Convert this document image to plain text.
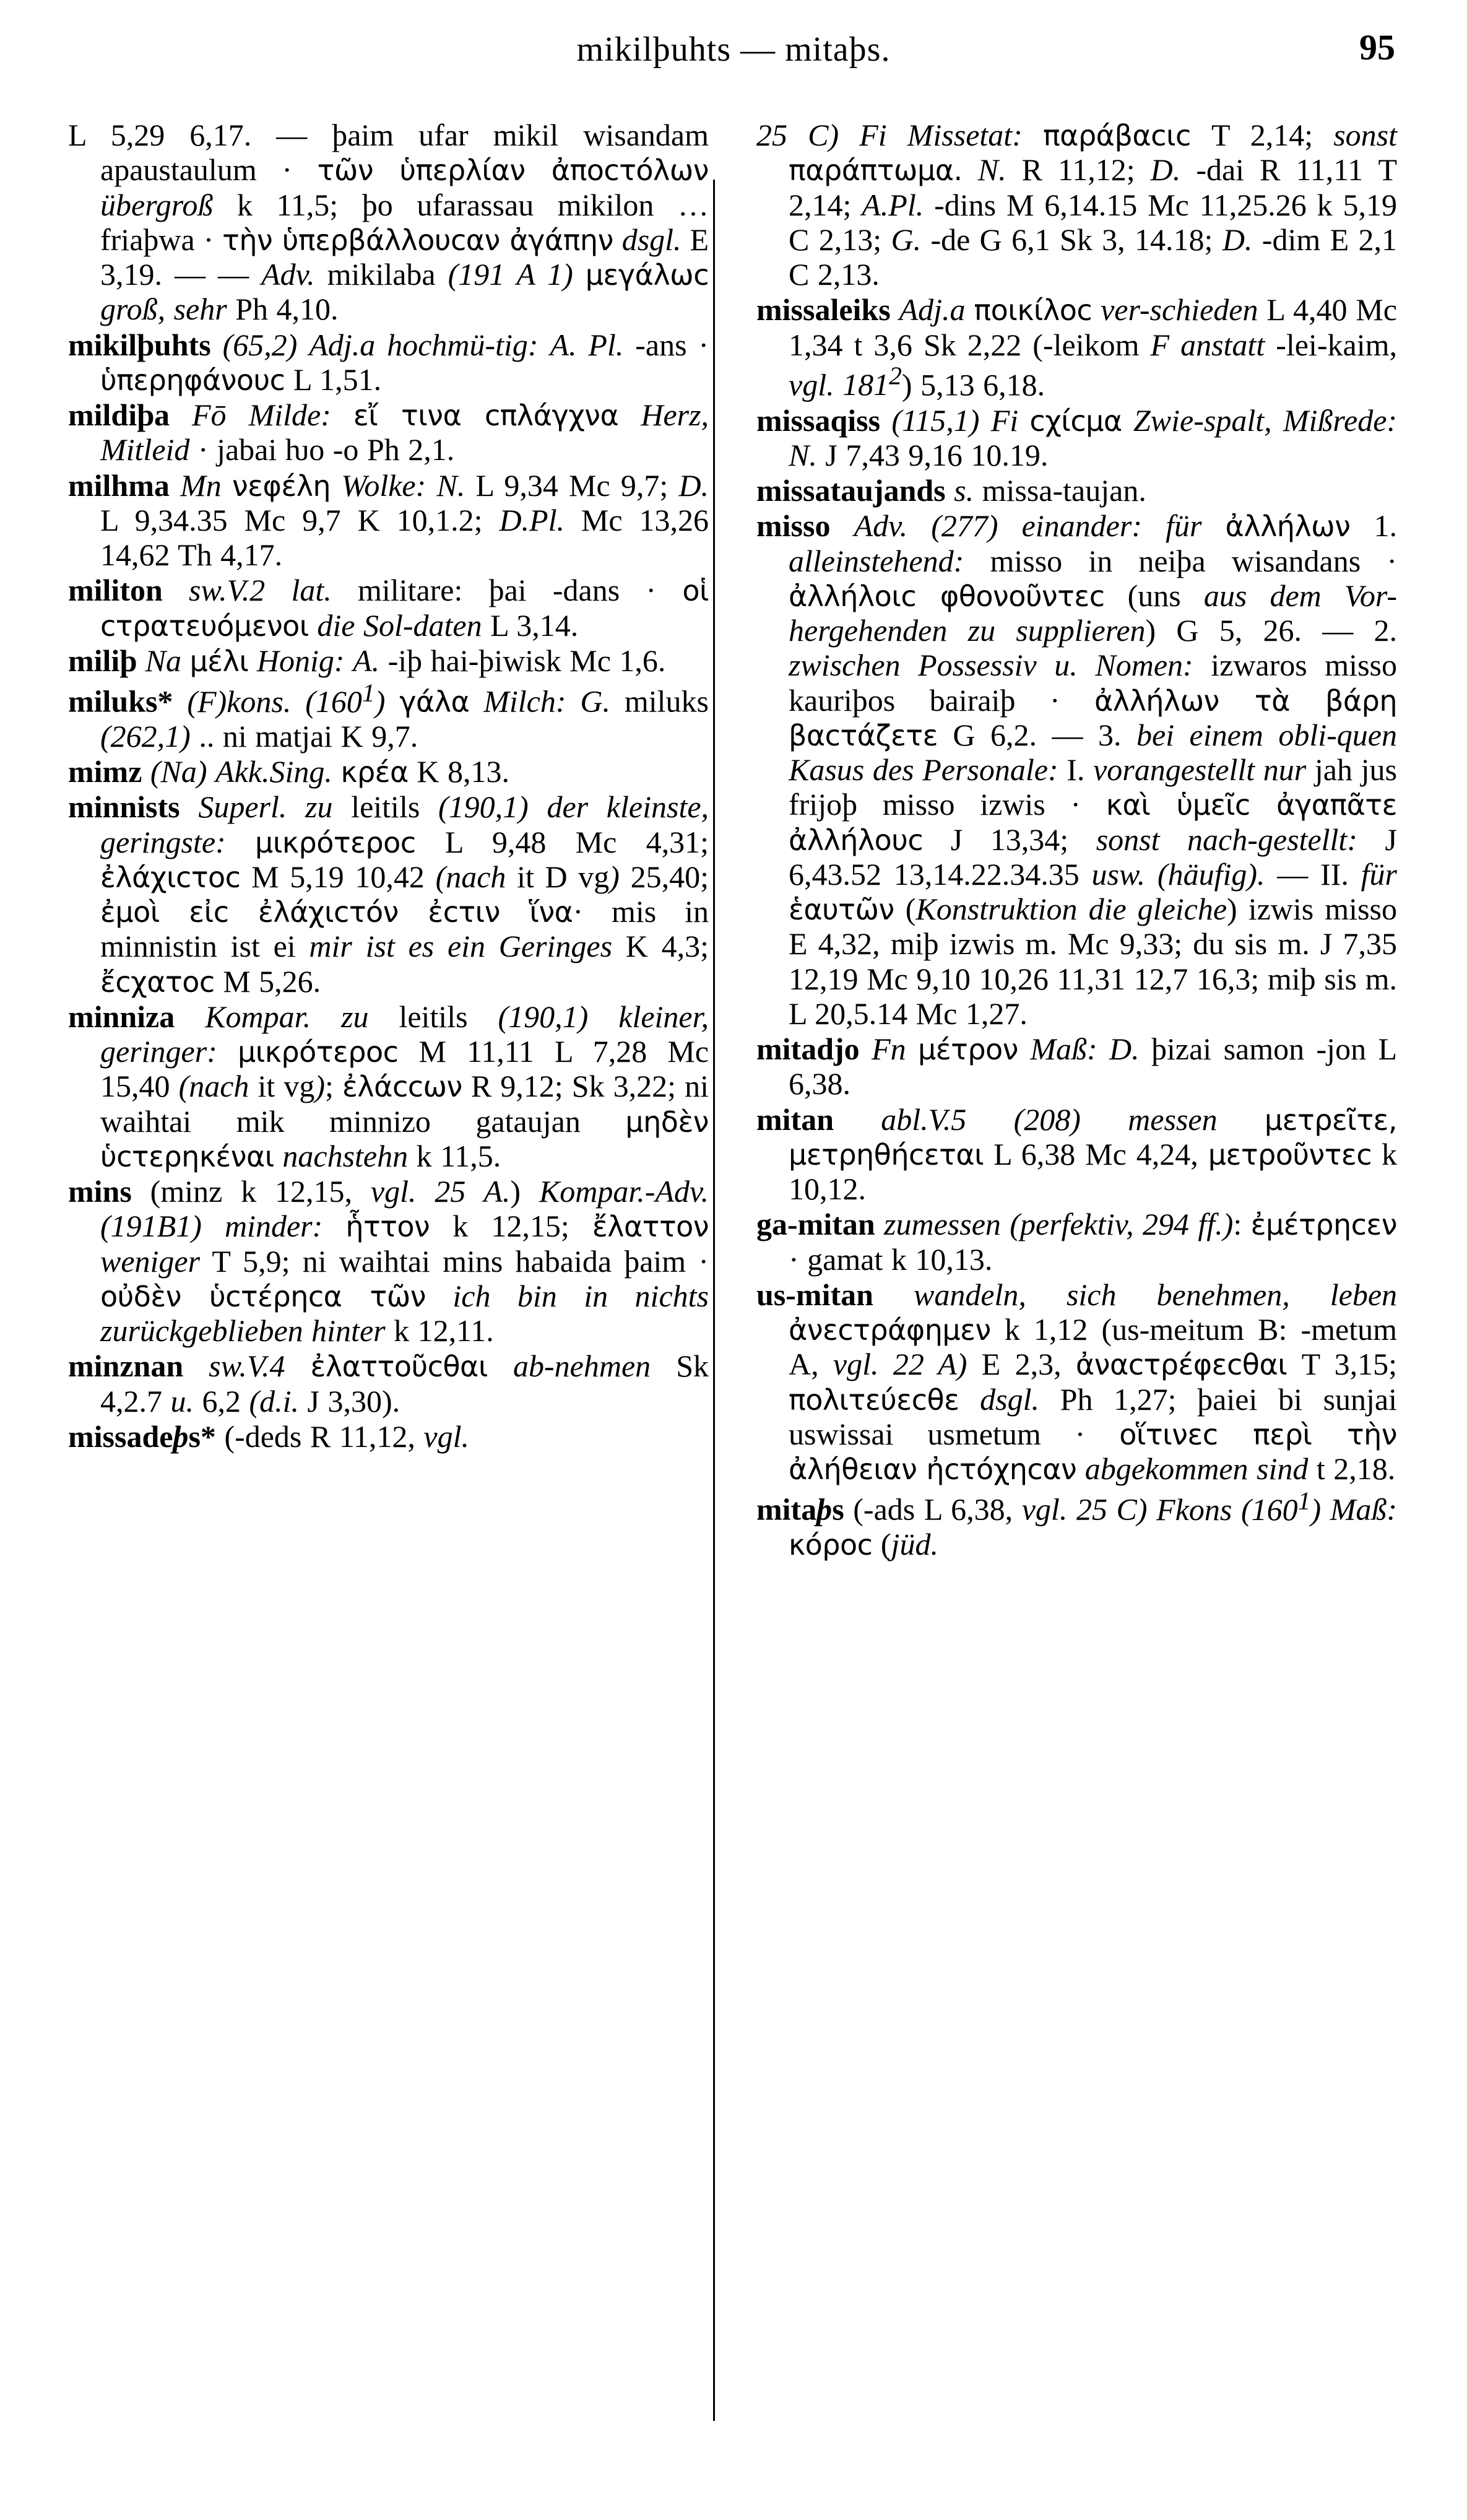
mikilþuhts — mitaþs.	95

L 5,29 6,17. — þaim ufar mikil wisandam apaustaulum · τῶν ὑπερλίαν ἀποϲτόλων übergroß k 11,5; þo ufarassau mikilon … friaþwa · τὴν ὑπερβάλλουϲαν ἀγάπην dsgl. E 3,19. — — Adv. mikilaba (191 A 1) μεγάλωϲ groß, sehr Ph 4,10.

mikilþuhts (65,2) Adj.a hochmü-tig: A. Pl. -ans · ὑπερηφάνουϲ L 1,51.

mildiþa Fō Milde: εἴ τινα ϲπλάγχνα Herz, Mitleid · jabai ƕo -o Ph 2,1.

milhma Mn νεφέλη Wolke: N. L 9,34 Mc 9,7; D. L 9,34.35 Mc 9,7 K 10,1.2; D.Pl. Mc 13,26 14,62 Th 4,17.

militon sw.V.2 lat. militare: þai -dans · οἱ ϲτρατευόμενοι die Sol-daten L 3,14.

miliþ Na μέλι Honig: A. -iþ hai-þiwisk Mc 1,6.

miluks* (F)kons. $(160^1)$ γάλα Milch: G. miluks (262,1) .. ni matjai K 9,7.

mimz (Na) Akk.Sing. κρέα K 8,13.

minnists Superl. zu leitils (190,1) der kleinste, geringste: μικρότεροϲ L 9,48 Mc 4,31; ἐλάχιϲτοϲ M 5,19 10,42 (nach it D vg) 25,40; ἐμοὶ εἰϲ ἐλάχιϲτόν ἐϲτιν ἵνα· mis in minnistin ist ei mir ist es ein Geringes K 4,3; ἔϲχατοϲ M 5,26.

minniza Kompar. zu leitils (190,1) kleiner, geringer: μικρότεροϲ M 11,11 L 7,28 Mc 15,40 (nach it vg); ἐλάϲϲων R 9,12; Sk 3,22; ni waihtai mik minnizo gataujan μηδὲν ὑϲτερηκέναι nachstehn k 11,5.

mins (minz k 12,15, vgl. 25 A.) Kompar.-Adv. (191B1) minder: ἧττον k 12,15; ἔλαττον weniger T 5,9; ni waihtai mins habaida þaim · οὐδὲν ὑϲτέρηϲα τῶν ich bin in nichts zurückgeblieben hinter k 12,11.

minznan sw.V.4 ἐλαττοῦϲθαι ab-nehmen Sk 4,2.7 u. 6,2 (d.i. J 3,30).

missadeþs* (-deds R 11,12, vgl.

25 C) Fi Missetat: παράβαϲιϲ T 2,14; sonst παράπτωμα. N. R 11,12; D. -dai R 11,11 T 2,14; A.Pl. -dins M 6,14.15 Mc 11,25.26 k 5,19 C 2,13; G. -de G 6,1 Sk 3, 14.18; D. -dim E 2,1 C 2,13.

missaleiks Adj.a ποικίλοϲ ver-schieden L 4,40 Mc 1,34 t 3,6 Sk 2,22 (-leikom F anstatt -lei-kaim, vgl. $181^2$) 5,13 6,18.

missaqiss (115,1) Fi ϲχίϲμα Zwie-spalt, Mißrede: N. J 7,43 9,16 10.19.

missataujands s. missa-taujan.

misso Adv. (277) einander: für ἀλλήλων 1. alleinstehend: misso in neiþa wisandans · ἀλλήλοιϲ φθονοῦντεϲ (uns aus dem Vor-hergehenden zu supplieren) G 5, 26. — 2. zwischen Possessiv u. Nomen: izwaros misso kauriþos bairaiþ · ἀλλήλων τὰ βάρη βαϲτάζετε G 6,2. — 3. bei einem obli-quen Kasus des Personale: I. vorangestellt nur jah jus frijoþ misso izwis · καὶ ὑμεῖϲ ἀγαπᾶτε ἀλλήλουϲ J 13,34; sonst nach-gestellt: J 6,43.52 13,14.22.34.35 usw. (häufig). — II. für ἑαυτῶν (Konstruktion die gleiche) izwis misso E 4,32, miþ izwis m. Mc 9,33; du sis m. J 7,35 12,19 Mc 9,10 10,26 11,31 12,7 16,3; miþ sis m. L 20,5.14 Mc 1,27.

mitadjo Fn μέτρον Maß: D. þizai samon -jon L 6,38.

mitan abl.V.5 (208) messen μετρεῖτε, μετρηθήϲεται L 6,38 Mc 4,24, μετροῦντεϲ k 10,12.

ga-mitan zumessen (perfektiv, 294 ff.): ἐμέτρηϲεν · gamat k 10,13.

us-mitan wandeln, sich benehmen, leben ἀνεϲτράφημεν k 1,12 (us-meitum B: -metum A, vgl. 22 A) E 2,3, ἀναϲτρέφεϲθαι T 3,15; πολιτεύεϲθε dsgl. Ph 1,27; þaiei bi sunjai uswissai usmetum · οἵτινεϲ περὶ τὴν ἀλήθειαν ἠϲτόχηϲαν abgekommen sind t 2,18.

mitaþs (-ads L 6,38, vgl. 25 C) Fkons $(160^1)$ Maß: κόροϲ (jüd.
